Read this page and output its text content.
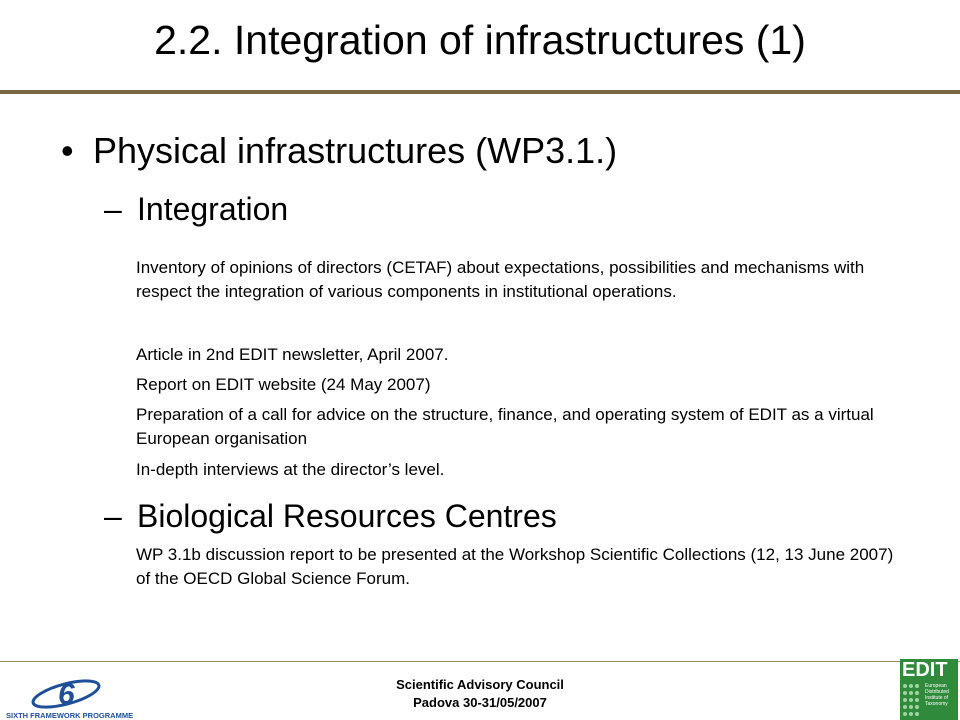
2.2. Integration of infrastructures (1)
• Physical infrastructures (WP3.1.)
– Integration
Inventory of opinions of directors (CETAF) about expectations, possibilities and mechanisms with respect the integration of various components in institutional operations.
Article in 2nd EDIT newsletter, April 2007.
Report on EDIT website (24 May 2007)
Preparation of a call for advice on the structure, finance, and operating system of EDIT as a virtual European organisation
In-depth interviews at the director’s level.
– Biological Resources Centres
WP 3.1b discussion report to be presented at the Workshop Scientific Collections (12, 13 June 2007) of the OECD Global Science Forum.
6
SIXTH FRAMEWORK PROGRAMME
Scientific Advisory Council
Padova 30-31/05/2007
EDIT
European Distributed Institute of Taxonomy
